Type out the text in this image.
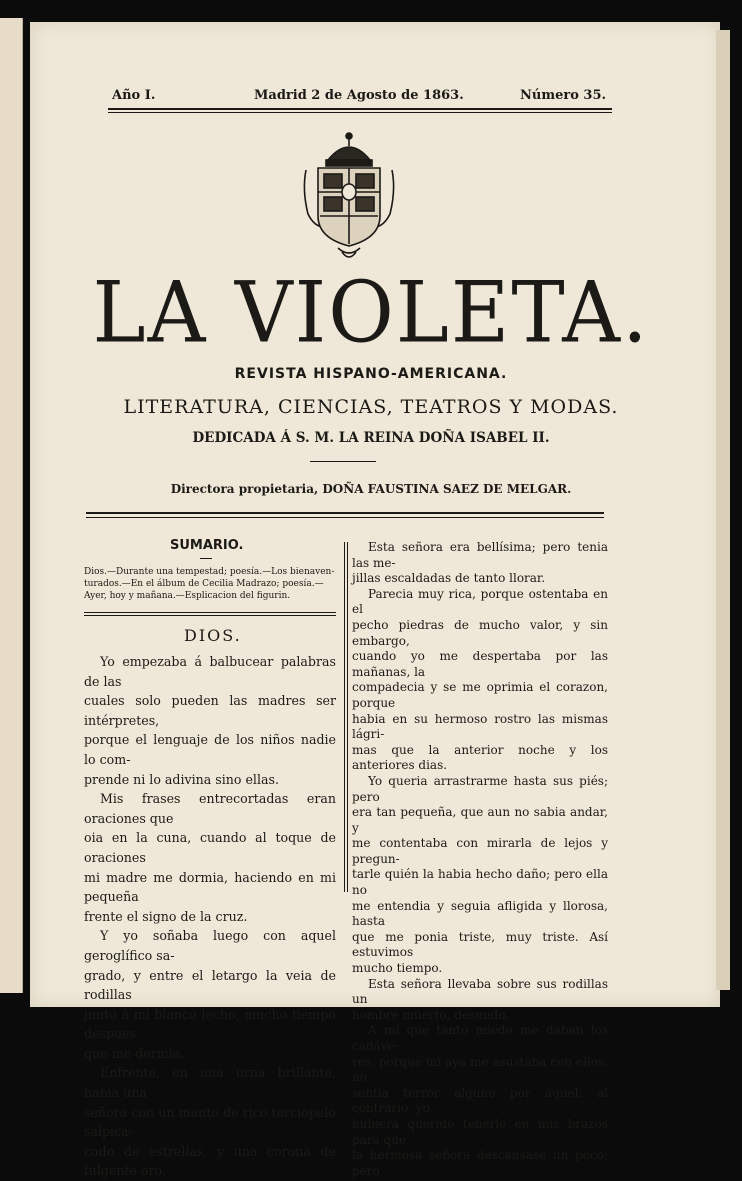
Año I.	Madrid 2 de Agosto de 1863.	Número 35.
LA VIOLETA.
REVISTA HISPANO-AMERICANA.
LITERATURA, CIENCIAS, TEATROS Y MODAS.
DEDICADA Á S. M. LA REINA DOÑA ISABEL II.
Directora propietaria, DOÑA FAUSTINA SAEZ DE MELGAR.
SUMARIO.
Dios.—Durante una tempestad; poesía.—Los bienaven-
turados.—En el álbum de Cecilia Madrazo; poesía.—
Ayer, hoy y mañana.—Esplicacion del figurin.
DIOS.
Yo empezaba á balbucear palabras de las
cuales solo pueden las madres ser intérpretes,
porque el lenguaje de los niños nadie lo com-
prende ni lo adivina sino ellas.
Mis frases entrecortadas eran oraciones que
oia en la cuna, cuando al toque de oraciones
mi madre me dormia, haciendo en mi pequeña
frente el signo de la cruz.
Y yo soñaba luego con aquel geroglífico sa-
grado, y entre el letargo la veia de rodillas
junto á mi blanco lecho, mucho tiempo despues
que me dormia.
Enfrente, en una urna brillante, habia una
señora con un manto de rico terciopelo salpica-
cado de estrellas, y una corona de fulgente oro.
Esta señora era bellísima; pero tenia las me-
jillas escaldadas de tanto llorar.
Parecia muy rica, porque ostentaba en el
pecho piedras de mucho valor, y sin embargo,
cuando yo me despertaba por las mañanas, la
compadecia y se me oprimia el corazon, porque
habia en su hermoso rostro las mismas lágri-
mas que la anterior noche y los anteriores dias.
Yo queria arrastrarme hasta sus piés; pero
era tan pequeña, que aun no sabia andar, y
me contentaba con mirarla de lejos y pregun-
tarle quién la habia hecho daño; pero ella no
me entendia y seguia afligida y llorosa, hasta
que me ponia triste, muy triste. Así estuvimos
mucho tiempo.
Esta señora llevaba sobre sus rodillas un
hombre muerto, desnudo.
A mí que tanto miedo me daban los cadáve-
res, porque mi aya me asustaba con ellos, no
sentia terror alguno por aquel: al contrario, yo
hubiera querido tenerle en mis brazos para que
la hermosa señora descansase un poco; pero
